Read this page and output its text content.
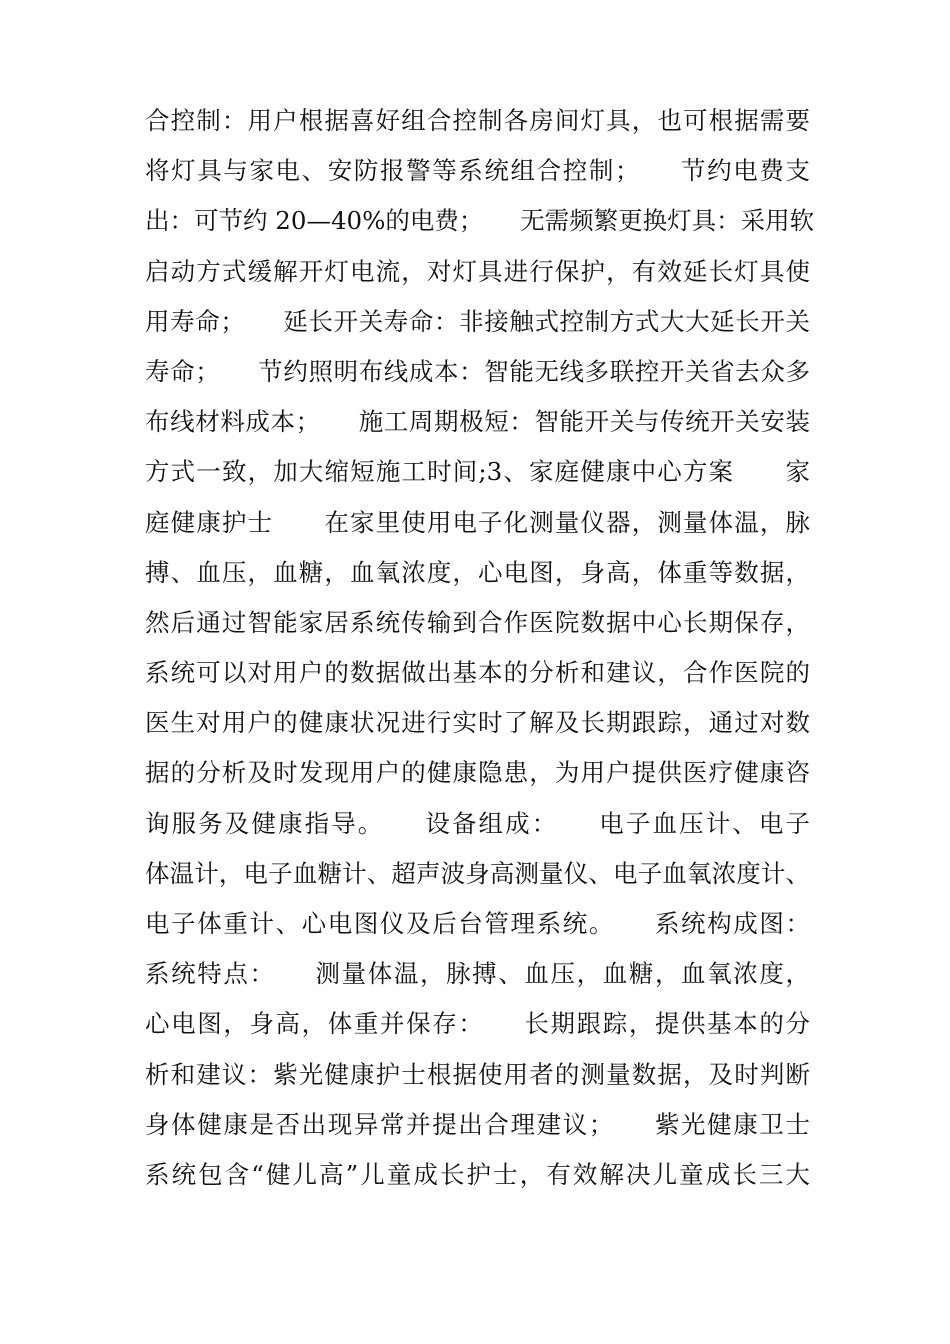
合控制：用户根据喜好组合控制各房间灯具，也可根据需要
将灯具与家电、安防报警等系统组合控制；　　节约电费支
出：可节约 20—40%的电费；　　无需频繁更换灯具：采用软
启动方式缓解开灯电流，对灯具进行保护，有效延长灯具使
用寿命；　　延长开关寿命：非接触式控制方式大大延长开关
寿命；　　节约照明布线成本：智能无线多联控开关省去众多
布线材料成本；　　施工周期极短：智能开关与传统开关安装
方式一致，加大缩短施工时间;3、家庭健康中心方案　　家
庭健康护士　　在家里使用电子化测量仪器，测量体温，脉
搏、血压，血糖，血氧浓度，心电图，身高，体重等数据，
然后通过智能家居系统传输到合作医院数据中心长期保存，
系统可以对用户的数据做出基本的分析和建议，合作医院的
医生对用户的健康状况进行实时了解及长期跟踪，通过对数
据的分析及时发现用户的健康隐患，为用户提供医疗健康咨
询服务及健康指导。　　设备组成：　　电子血压计、电子
体温计，电子血糖计、超声波身高测量仪、电子血氧浓度计、
电子体重计、心电图仪及后台管理系统。　　系统构成图：
系统特点：　　测量体温，脉搏、血压，血糖，血氧浓度，
心电图，身高，体重并保存：　　长期跟踪，提供基本的分
析和建议：紫光健康护士根据使用者的测量数据，及时判断
身体健康是否出现异常并提出合理建议；　　紫光健康卫士
系统包含“健儿高”儿童成长护士，有效解决儿童成长三大
